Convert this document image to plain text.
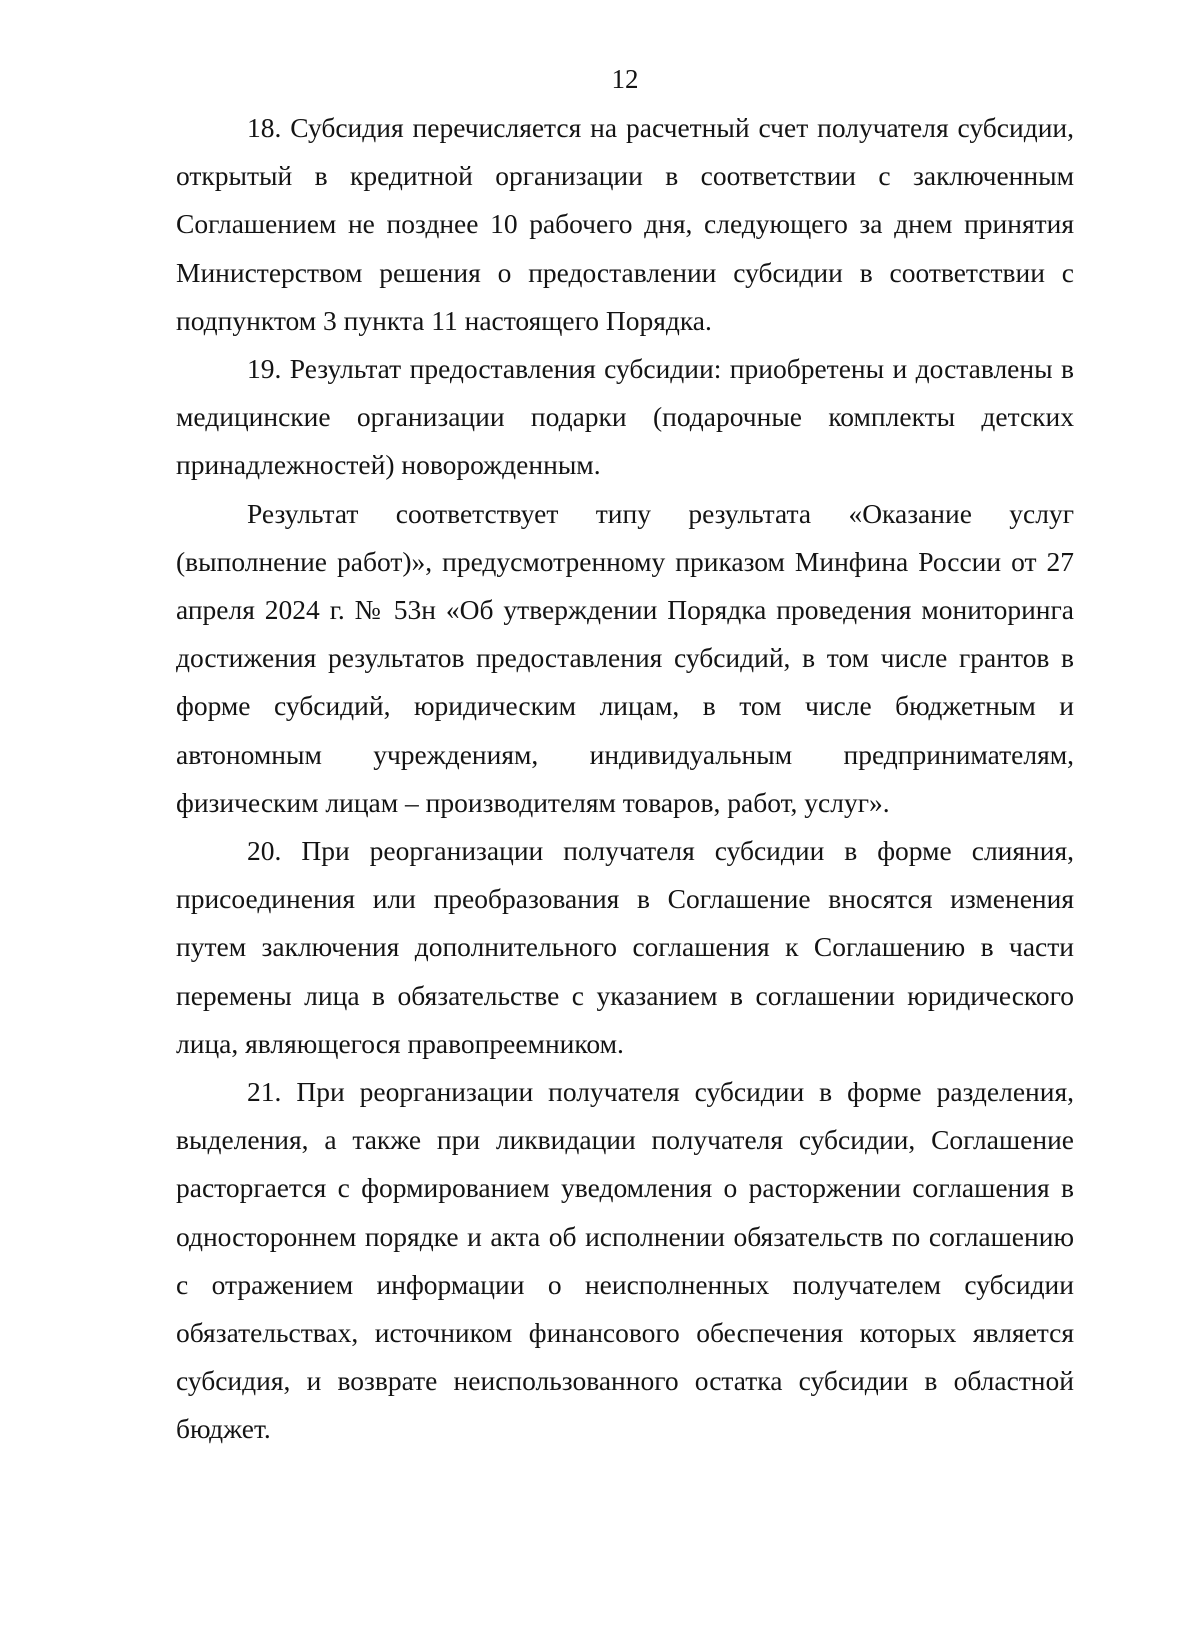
12

18. Субсидия перечисляется на расчетный счет получателя субсидии, открытый в кредитной организации в соответствии с заключенным Соглашением не позднее 10 рабочего дня, следующего за днем принятия Министерством решения о предоставлении субсидии в соответствии с подпунктом 3 пункта 11 настоящего Порядка.

19. Результат предоставления субсидии: приобретены и доставлены в медицинские организации подарки (подарочные комплекты детских принадлежностей) новорожденным.

Результат соответствует типу результата «Оказание услуг (выполнение работ)», предусмотренному приказом Минфина России от 27 апреля 2024 г. № 53н «Об утверждении Порядка проведения мониторинга достижения результатов предоставления субсидий, в том числе грантов в форме субсидий, юридическим лицам, в том числе бюджетным и автономным учреждениям, индивидуальным предпринимателям, физическим лицам – производителям товаров, работ, услуг».

20. При реорганизации получателя субсидии в форме слияния, присоединения или преобразования в Соглашение вносятся изменения путем заключения дополнительного соглашения к Соглашению в части перемены лица в обязательстве с указанием в соглашении юридического лица, являющегося правопреемником.

21. При реорганизации получателя субсидии в форме разделения, выделения, а также при ликвидации получателя субсидии, Соглашение расторгается с формированием уведомления о расторжении соглашения в одностороннем порядке и акта об исполнении обязательств по соглашению с отражением информации о неисполненных получателем субсидии обязательствах, источником финансового обеспечения которых является субсидия, и возврате неиспользованного остатка субсидии в областной бюджет.
